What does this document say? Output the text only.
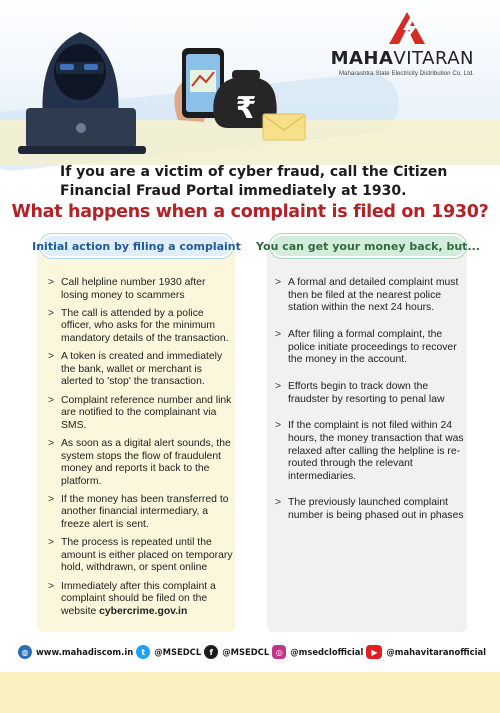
₹
MAHAVITARAN
Maharashtra State Electricity Distribution Co. Ltd.
If you are a victim of cyber fraud, call the Citizen Financial Fraud Portal immediately at 1930.
What happens when a complaint is filed on 1930?
Initial action by filing a complaint You can get your money back, but...
> Call helpline number 1930 after losing money to scammers
> The call is attended by a police officer, who asks for the minimum mandatory details of the transaction.
> A token is created and immediately the bank, wallet or merchant is alerted to 'stop' the transaction.
> Complaint reference number and link are notified to the complainant via SMS.
> As soon as a digital alert sounds, the system stops the flow of fraudulent money and reports it back to the platform.
> If the money has been transferred to another financial intermediary, a freeze alert is sent.
> The process is repeated until the amount is either placed on temporary hold, withdrawn, or spent online
> Immediately after this complaint a complaint should be filed on the website cybercrime.gov.in
> A formal and detailed complaint must then be filed at the nearest police station within the next 24 hours.
> After filing a formal complaint, the police initiate proceedings to recover the money in the account.
> Efforts begin to track down the fraudster by resorting to penal law
> If the complaint is not filed within 24 hours, the money transaction that was relaxed after calling the helpline is re-routed through the relevant intermediaries.
> The previously launched complaint number is being phased out in phases
◍ www.mahadiscom.in	t	@MSEDCL	f	@MSEDCL ◎ @msedclofficial	▶	@mahavitaranofficial
